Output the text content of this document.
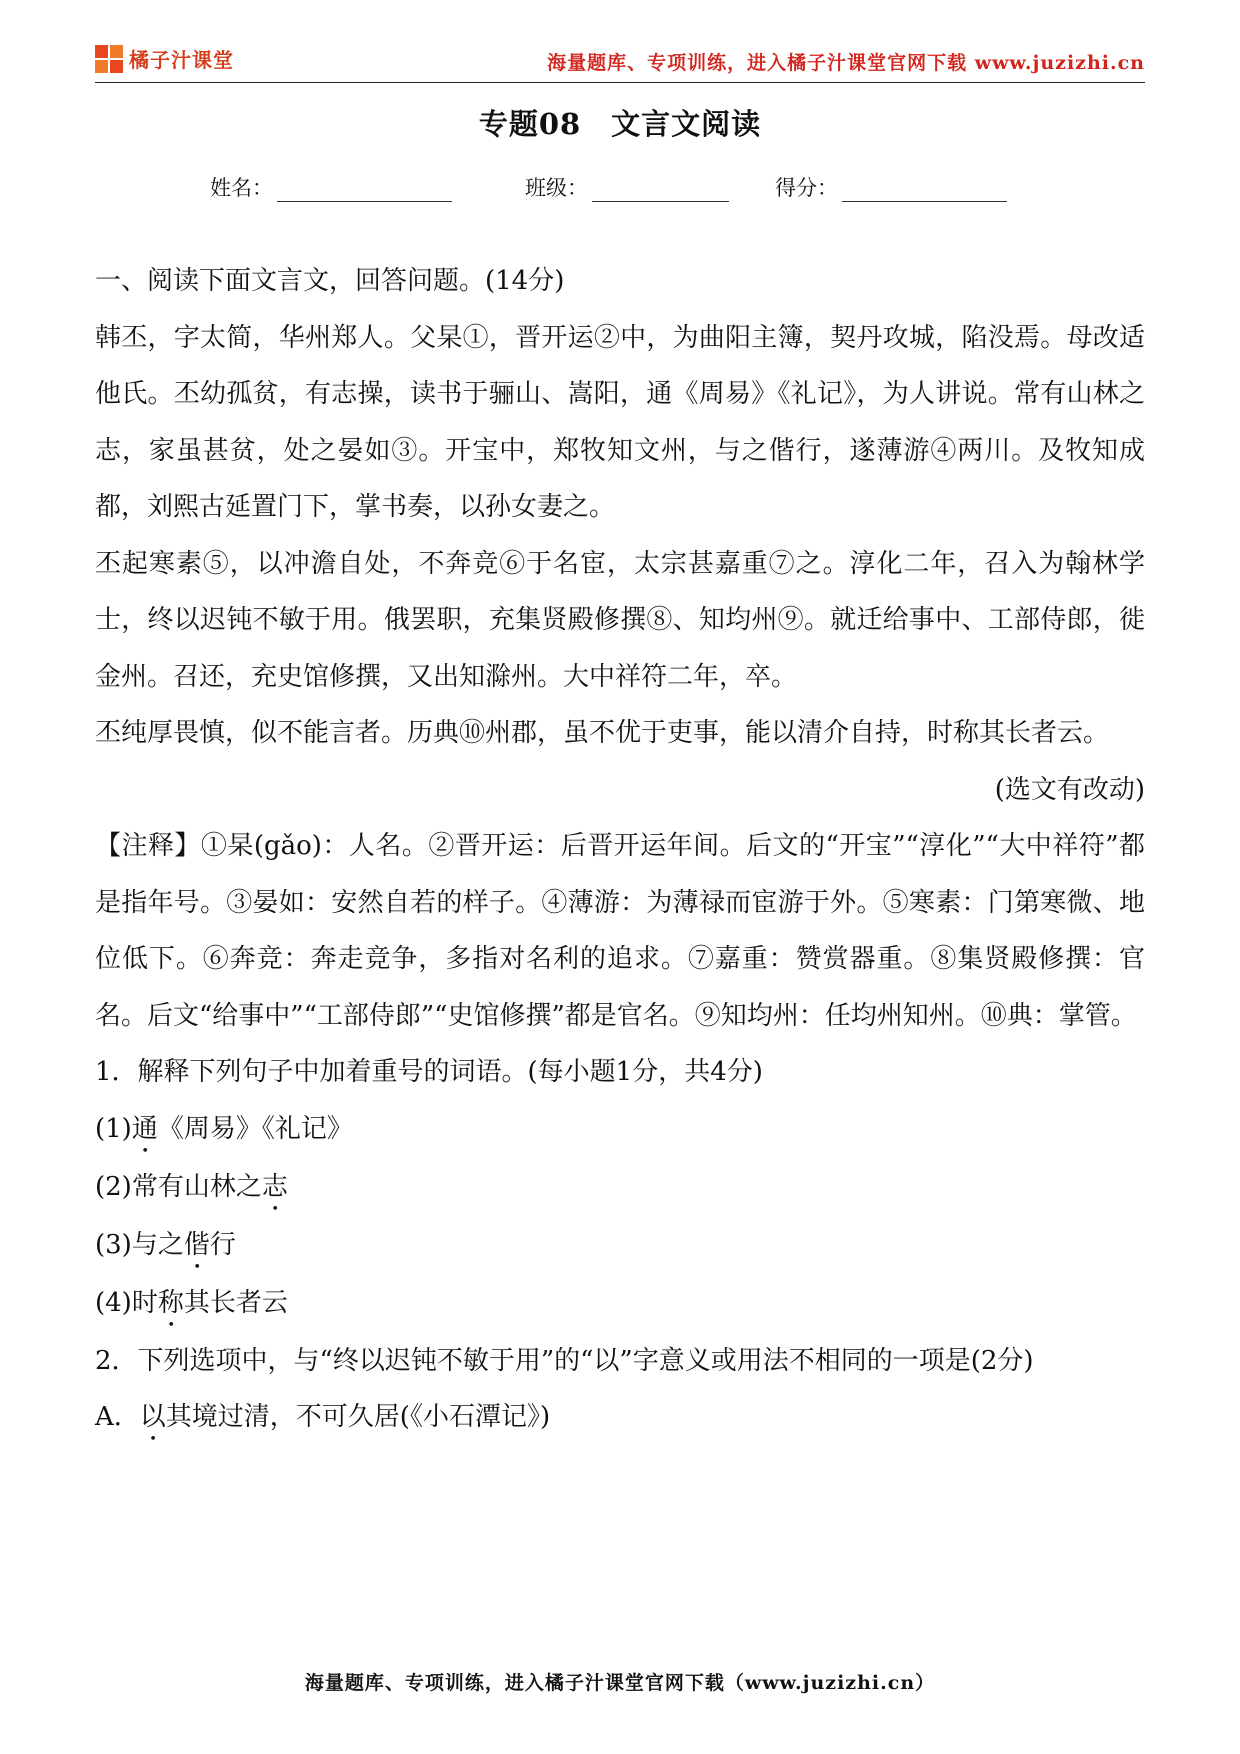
橘子汁课堂	海量题库、专项训练，进入橘子汁课堂官网下载 www.juzizhi.cn
专题08　文言文阅读
姓名：	班级：	得分：

一、阅读下面文言文，回答问题。(14分)

韩丕，字太简，华州郑人。父杲①，晋开运②中，为曲阳主簿，契丹攻城，陷没焉。母改适他氏。丕幼孤贫，有志操，读书于骊山、嵩阳，通《周易》《礼记》，为人讲说。常有山林之志，家虽甚贫，处之晏如③。开宝中，郑牧知文州，与之偕行，遂薄游④两川。及牧知成都，刘熙古延置门下，掌书奏，以孙女妻之。

丕起寒素⑤，以冲澹自处，不奔竞⑥于名宦，太宗甚嘉重⑦之。淳化二年，召入为翰林学士，终以迟钝不敏于用。俄罢职，充集贤殿修撰⑧、知均州⑨。就迁给事中、工部侍郎，徙金州。召还，充史馆修撰，又出知滁州。大中祥符二年，卒。

丕纯厚畏慎，似不能言者。历典⑩州郡，虽不优于吏事，能以清介自持，时称其长者云。

(选文有改动)

【注释】①杲(gǎo)：人名。②晋开运：后晋开运年间。后文的“开宝”“淳化”“大中祥符”都是指年号。③晏如：安然自若的样子。④薄游：为薄禄而宦游于外。⑤寒素：门第寒微、地位低下。⑥奔竞：奔走竞争，多指对名利的追求。⑦嘉重：赞赏器重。⑧集贤殿修撰：官名。后文“给事中”“工部侍郎”“史馆修撰”都是官名。⑨知均州：任均州知州。⑩典：掌管。

1．解释下列句子中加着重号的词语。(每小题1分，共4分)

(1)通《周易》《礼记》

(2)常有山林之志

(3)与之偕行

(4)时称其长者云

2．下列选项中，与“终以迟钝不敏于用”的“以”字意义或用法不相同的一项是(2分)

A．以其境过清，不可久居(《小石潭记》)

海量题库、专项训练，进入橘子汁课堂官网下载（www.juzizhi.cn）
